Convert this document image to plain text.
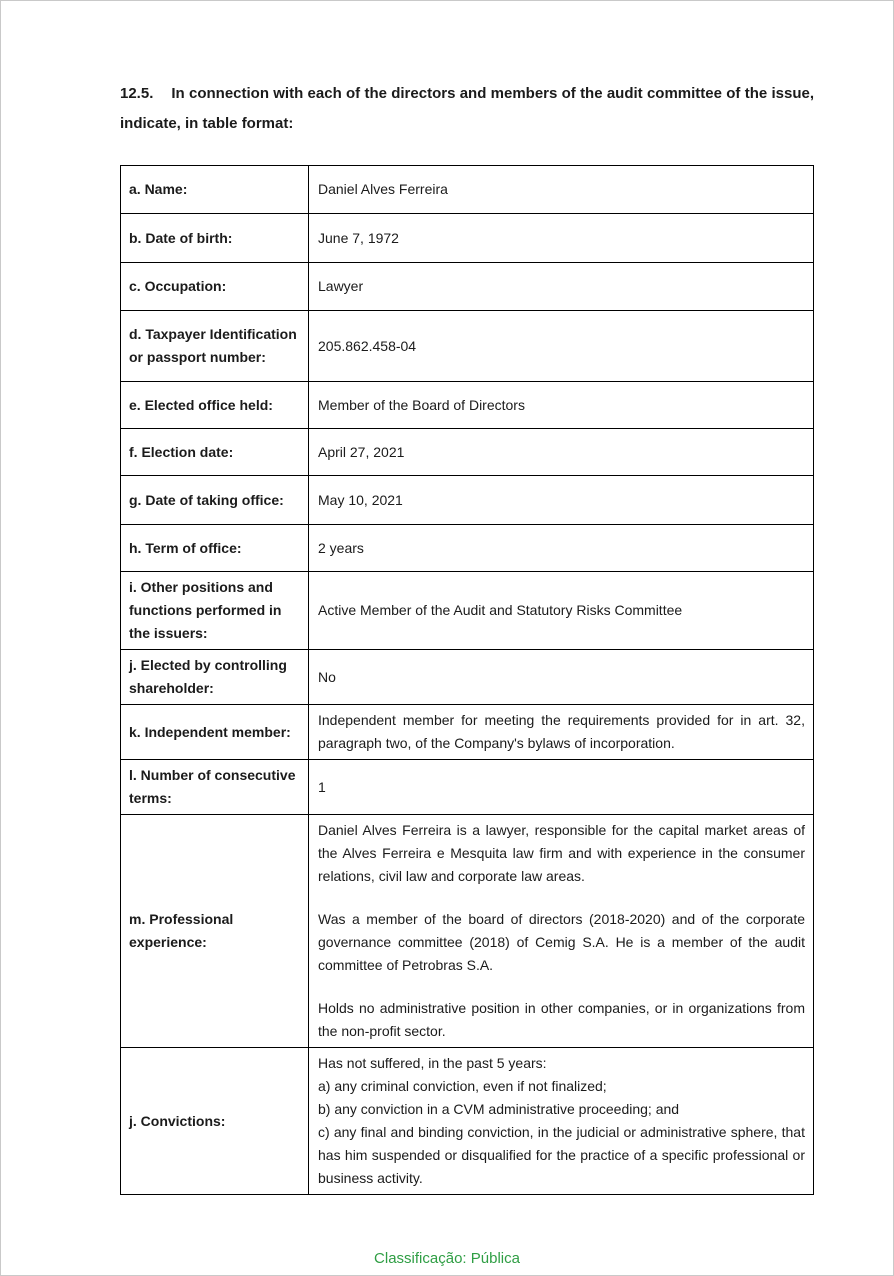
12.5. In connection with each of the directors and members of the audit committee of the issue, indicate, in table format:
a. Name:	Daniel Alves Ferreira
b. Date of birth:	June 7, 1972
c. Occupation:	Lawyer
d. Taxpayer Identification or passport number:	205.862.458-04
e. Elected office held:	Member of the Board of Directors
f. Election date:	April 27, 2021
g. Date of taking office:	May 10, 2021
h. Term of office:	2 years
i. Other positions and functions performed in the issuers:	Active Member of the Audit and Statutory Risks Committee
j. Elected by controlling shareholder:	No
k. Independent member:	Independent member for meeting the requirements provided for in art. 32, paragraph two, of the Company's bylaws of incorporation.
l. Number of consecutive terms:	1
m. Professional experience:	Daniel Alves Ferreira is a lawyer, responsible for the capital market areas of the Alves Ferreira e Mesquita law firm and with experience in the consumer relations, civil law and corporate law areas.

Was a member of the board of directors (2018-2020) and of the corporate governance committee (2018) of Cemig S.A. He is a member of the audit committee of Petrobras S.A.

Holds no administrative position in other companies, or in organizations from the non-profit sector.

j. Convictions:	Has not suffered, in the past 5 years:

a) any criminal conviction, even if not finalized;

b) any conviction in a CVM administrative proceeding; and

c) any final and binding conviction, in the judicial or administrative sphere, that has him suspended or disqualified for the practice of a specific professional or business activity.

Classificação: Pública
